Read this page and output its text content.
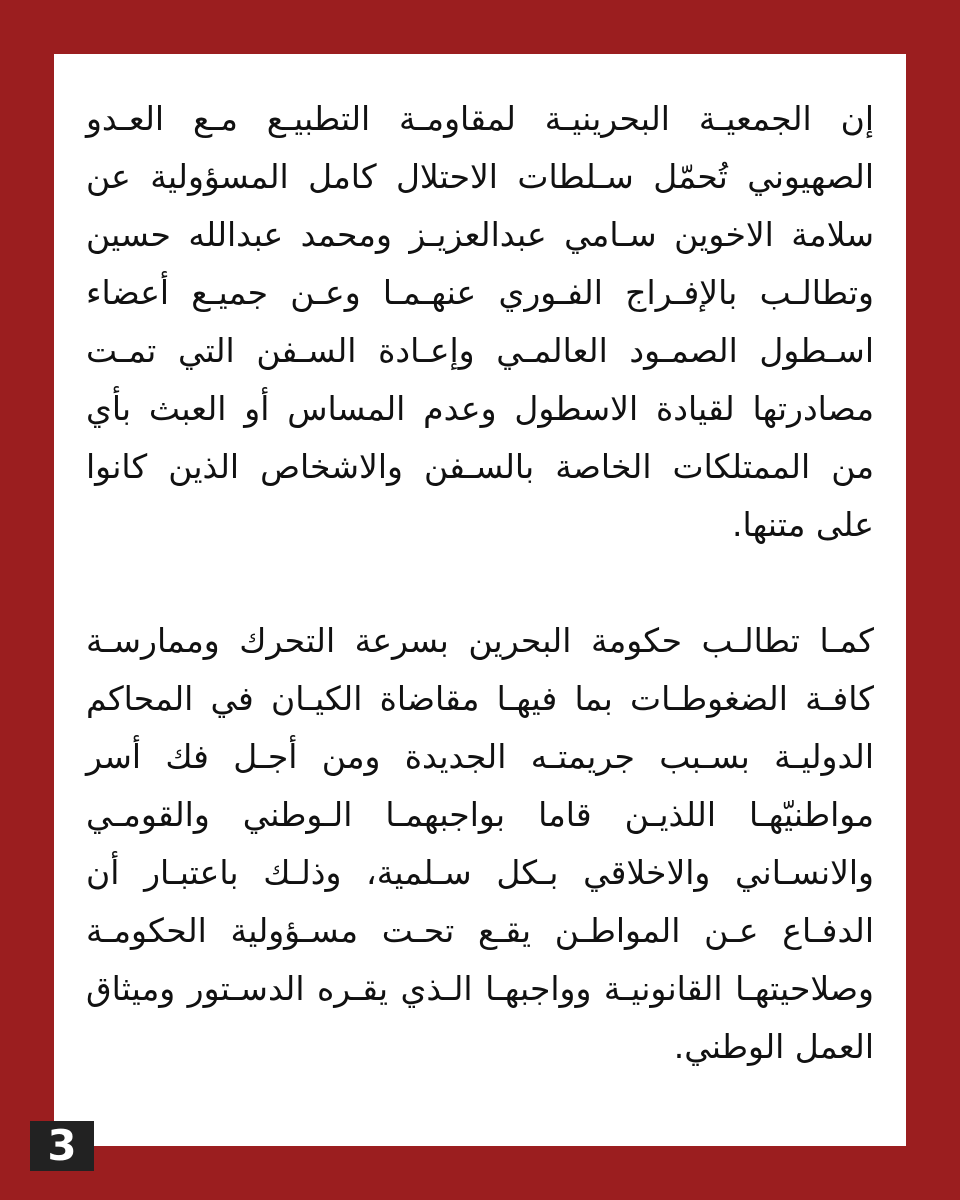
إن الجمعيـة البحرينيـة لمقاومـة التطبيـع مـع العـدو الصهيوني تُحمّل سـلطات الاحتلال كامل المسؤولية عن سلامة الاخوين سـامي عبدالعزيـز ومحمد عبدالله حسين وتطالـب بالإفـراج الفـوري عنهـمـا وعـن جميـع أعضاء اسـطول الصمـود العالمـي وإعـادة السـفن التي تمـت مصادرتها لقيادة الاسطول وعدم المساس أو العبث بأي من الممتلكات الخاصة بالسـفن والاشخاص الذين كانوا على متنها.

كمـا تطالـب حكومة البحرين بسرعة التحرك وممارسـة كافـة الضغوطـات بما فيهـا مقاضاة الكيـان في المحاكم الدوليـة بسـبب جريمتـه الجديدة ومن أجـل فك أسر مواطنيّهـا اللذيـن قاما بواجبهمـا الـوطني والقومـي والانسـاني والاخلاقي بـكل سـلمية، وذلـك باعتبـار أن الدفـاع عـن المواطـن يقـع تحـت مسـؤولية الحكومـة وصلاحيتهـا القانونيـة وواجبهـا الـذي يقـره الدسـتور وميثاق العمل الوطني.

3
